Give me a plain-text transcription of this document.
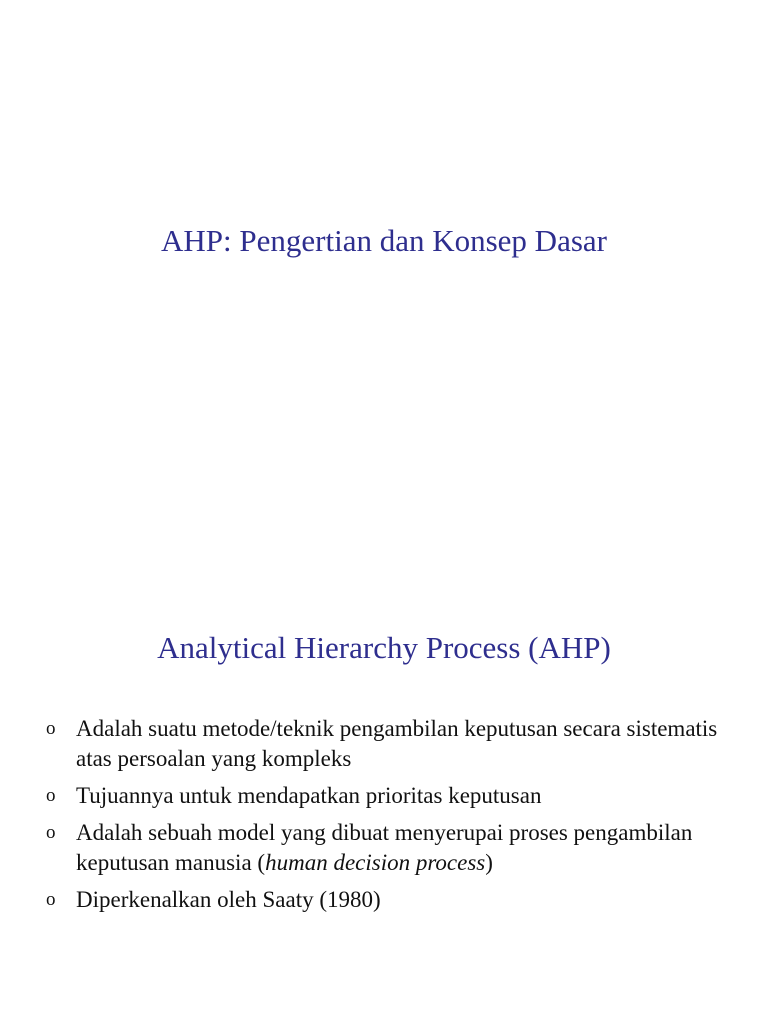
AHP: Pengertian dan Konsep Dasar
Analytical Hierarchy Process (AHP)
o Adalah suatu metode/teknik pengambilan keputusan secara sistematis atas persoalan yang kompleks
o Tujuannya untuk mendapatkan prioritas keputusan
o Adalah sebuah model yang dibuat menyerupai proses pengambilan keputusan manusia (human decision process)
o Diperkenalkan oleh Saaty (1980)
